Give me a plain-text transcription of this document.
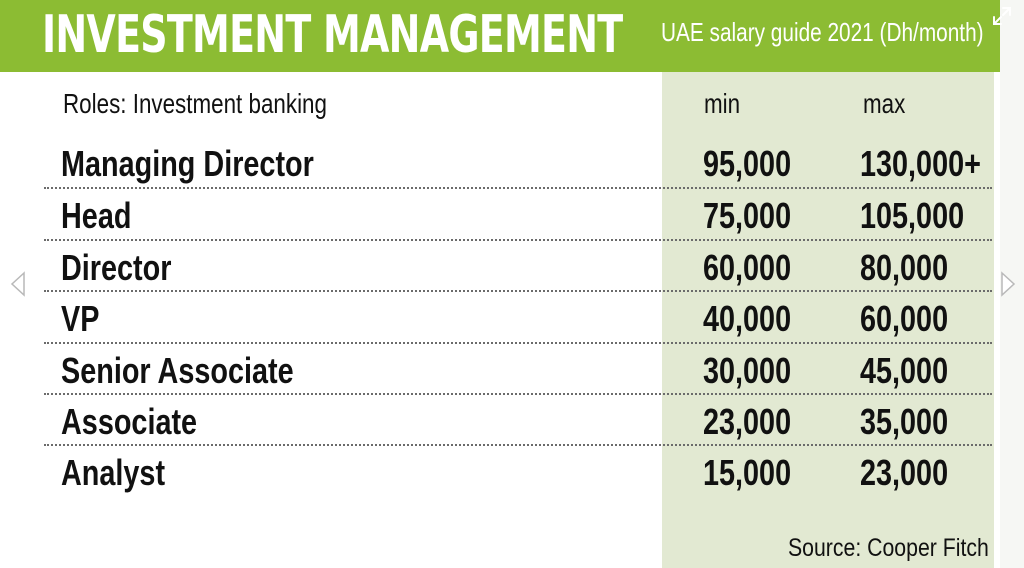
INVESTMENT MANAGEMENT UAE salary guide 2021 (Dh/month)
Roles: Investment banking	min	max
Managing Director	95,000 130,000+
Head	75,000 105,000
Director	60,000 80,000
VP	40,000 60,000
Senior Associate	30,000 45,000
Associate	23,000 35,000
Analyst	15,000 23,000
Source: Cooper Fitch
